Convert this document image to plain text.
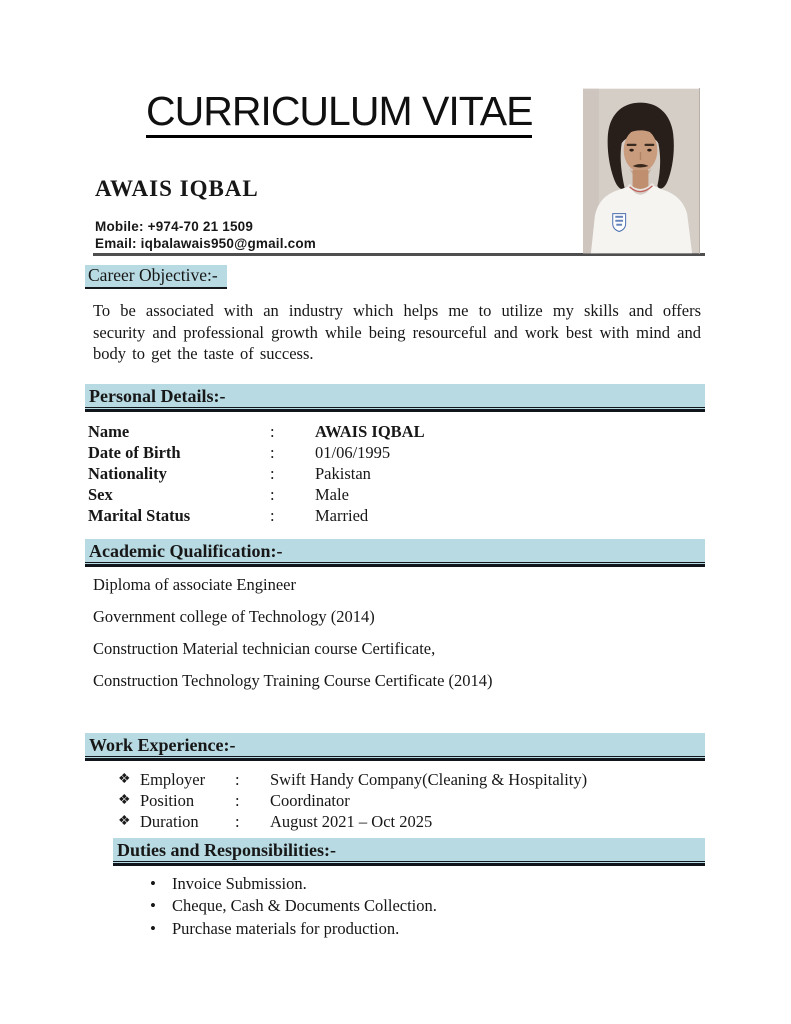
CURRICULUM VITAE
AWAIS IQBAL
Mobile: +974-70 21 1509
Email: iqbalawais950@gmail.com
Career Objective:-

To be associated with an industry which helps me to utilize my skills and offers security and professional growth while being resourceful and work best with mind and body to get the taste of success.

Personal Details:-
Name	:	AWAIS IQBAL
Date of Birth	:	01/06/1995
Nationality	:	Pakistan
Sex	:	Male
Marital Status	:	Married
Academic Qualification:-

Diploma of associate Engineer

Government college of Technology (2014)

Construction Material technician course Certificate,

Construction Technology Training Course Certificate (2014)

Work Experience:-
❖ Employer	:	Swift Handy Company(Cleaning & Hospitality)
❖ Position	:	Coordinator
❖ Duration	:	August 2021 – Oct 2025
Duties and Responsibilities:-
• Invoice Submission.
• Cheque, Cash & Documents Collection.
• Purchase materials for production.
